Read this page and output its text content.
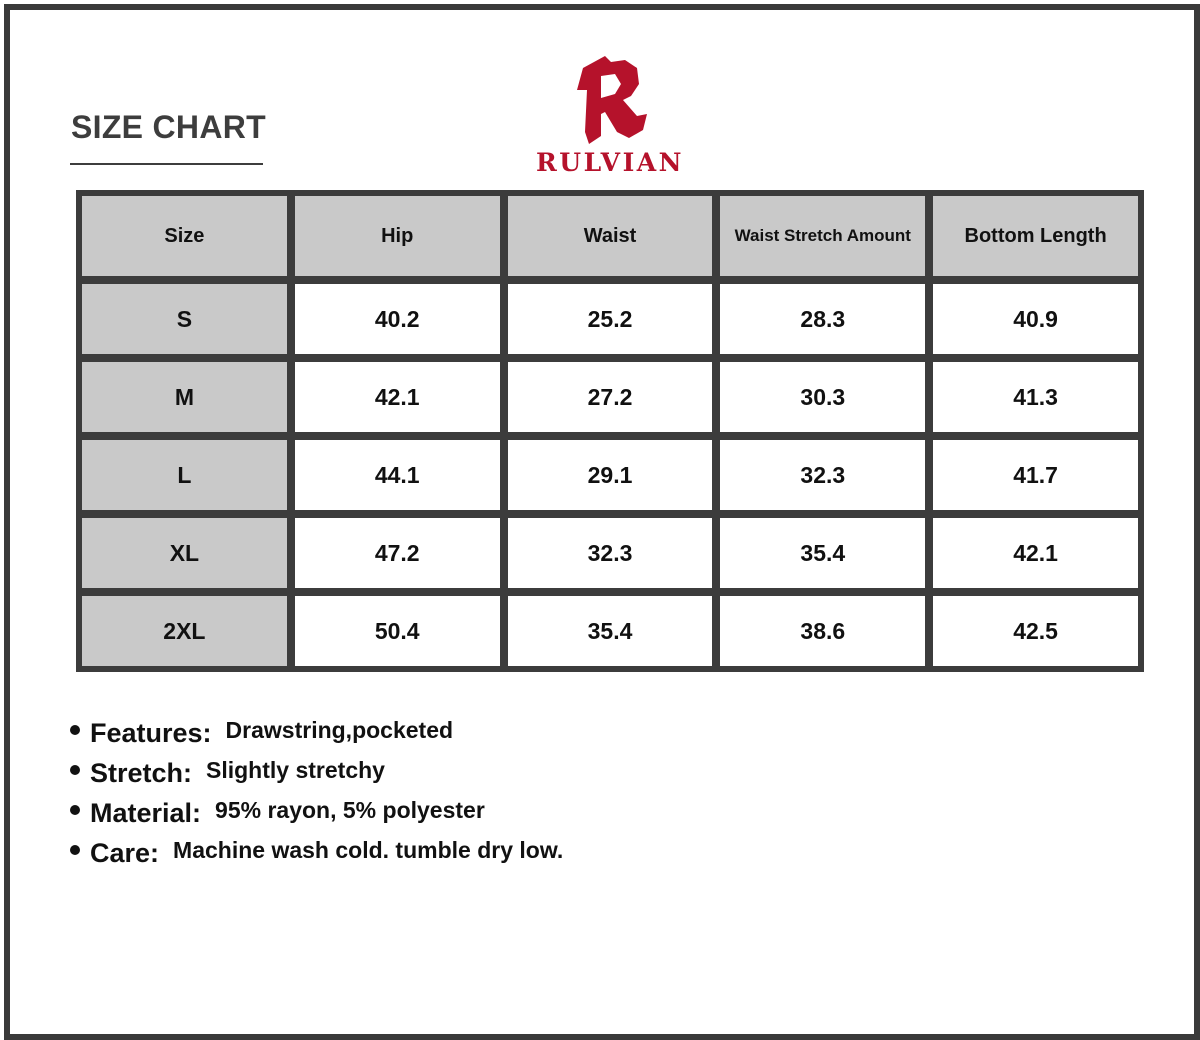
SIZE CHART
RULVIAN
Size	Hip	Waist	Waist Stretch Amount	Bottom Length
S	40.2	25.2	28.3	40.9
M	42.1	27.2	30.3	41.3
L	44.1	29.1	32.3	41.7
XL	47.2	32.3	35.4	42.1
2XL	50.4	35.4	38.6	42.5
Features: Drawstring,pocketed
Stretch: Slightly stretchy
Material: 95% rayon, 5% polyester
Care: Machine wash cold. tumble dry low.
